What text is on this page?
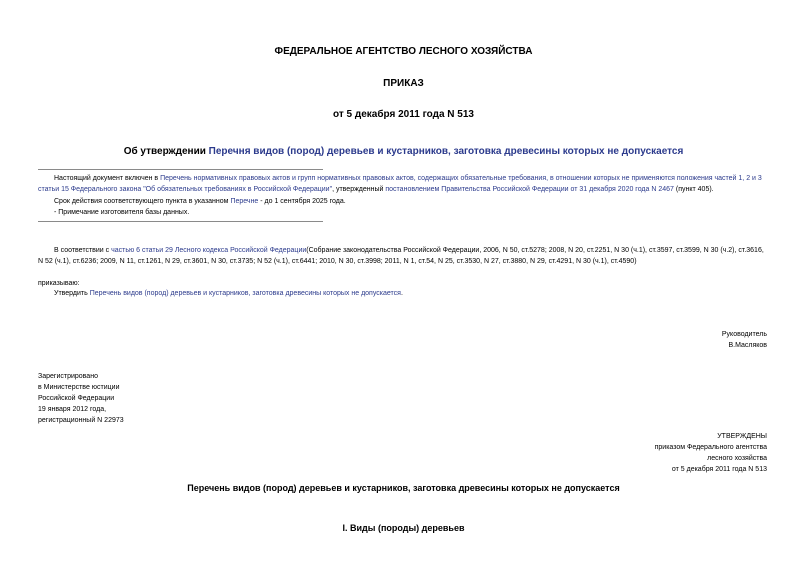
ФЕДЕРАЛЬНОЕ АГЕНТСТВО ЛЕСНОГО ХОЗЯЙСТВА
ПРИКАЗ
от 5 декабря 2011 года N 513
Об утверждении Перечня видов (пород) деревьев и кустарников, заготовка древесины которых не допускается
Настоящий документ включен в Перечень нормативных правовых актов и групп нормативных правовых актов, содержащих обязательные требования, в отношении которых не применяются положения частей 1, 2 и 3 статьи 15 Федерального закона "Об обязательных требованиях в Российской Федерации", утвержденный постановлением Правительства Российской Федерации от 31 декабря 2020 года N 2467 (пункт 405).
Срок действия соответствующего пункта в указанном Перечне - до 1 сентября 2025 года.
- Примечание изготовителя базы данных.
В соответствии с частью 6 статьи 29 Лесного кодекса Российской Федерации(Собрание законодательства Российской Федерации, 2006, N 50, ст.5278; 2008, N 20, ст.2251, N 30 (ч.1), ст.3597, ст.3599, N 30 (ч.2), ст.3616, N 52 (ч.1), ст.6236; 2009, N 11, ст.1261, N 29, ст.3601, N 30, ст.3735; N 52 (ч.1), ст.6441; 2010, N 30, ст.3998; 2011, N 1, ст.54, N 25, ст.3530, N 27, ст.3880, N 29, ст.4291, N 30 (ч.1), ст.4590)
приказываю:
Утвердить Перечень видов (пород) деревьев и кустарников, заготовка древесины которых не допускается.
Руководитель
В.Масляков
Зарегистрировано
в Министерстве юстиции
Российской Федерации
19 января 2012 года,
регистрационный N 22973
УТВЕРЖДЕНЫ
приказом Федерального агентства
лесного хозяйства
от 5 декабря 2011 года N 513
Перечень видов (пород) деревьев и кустарников, заготовка древесины которых не допускается
I. Виды (породы) деревьев
